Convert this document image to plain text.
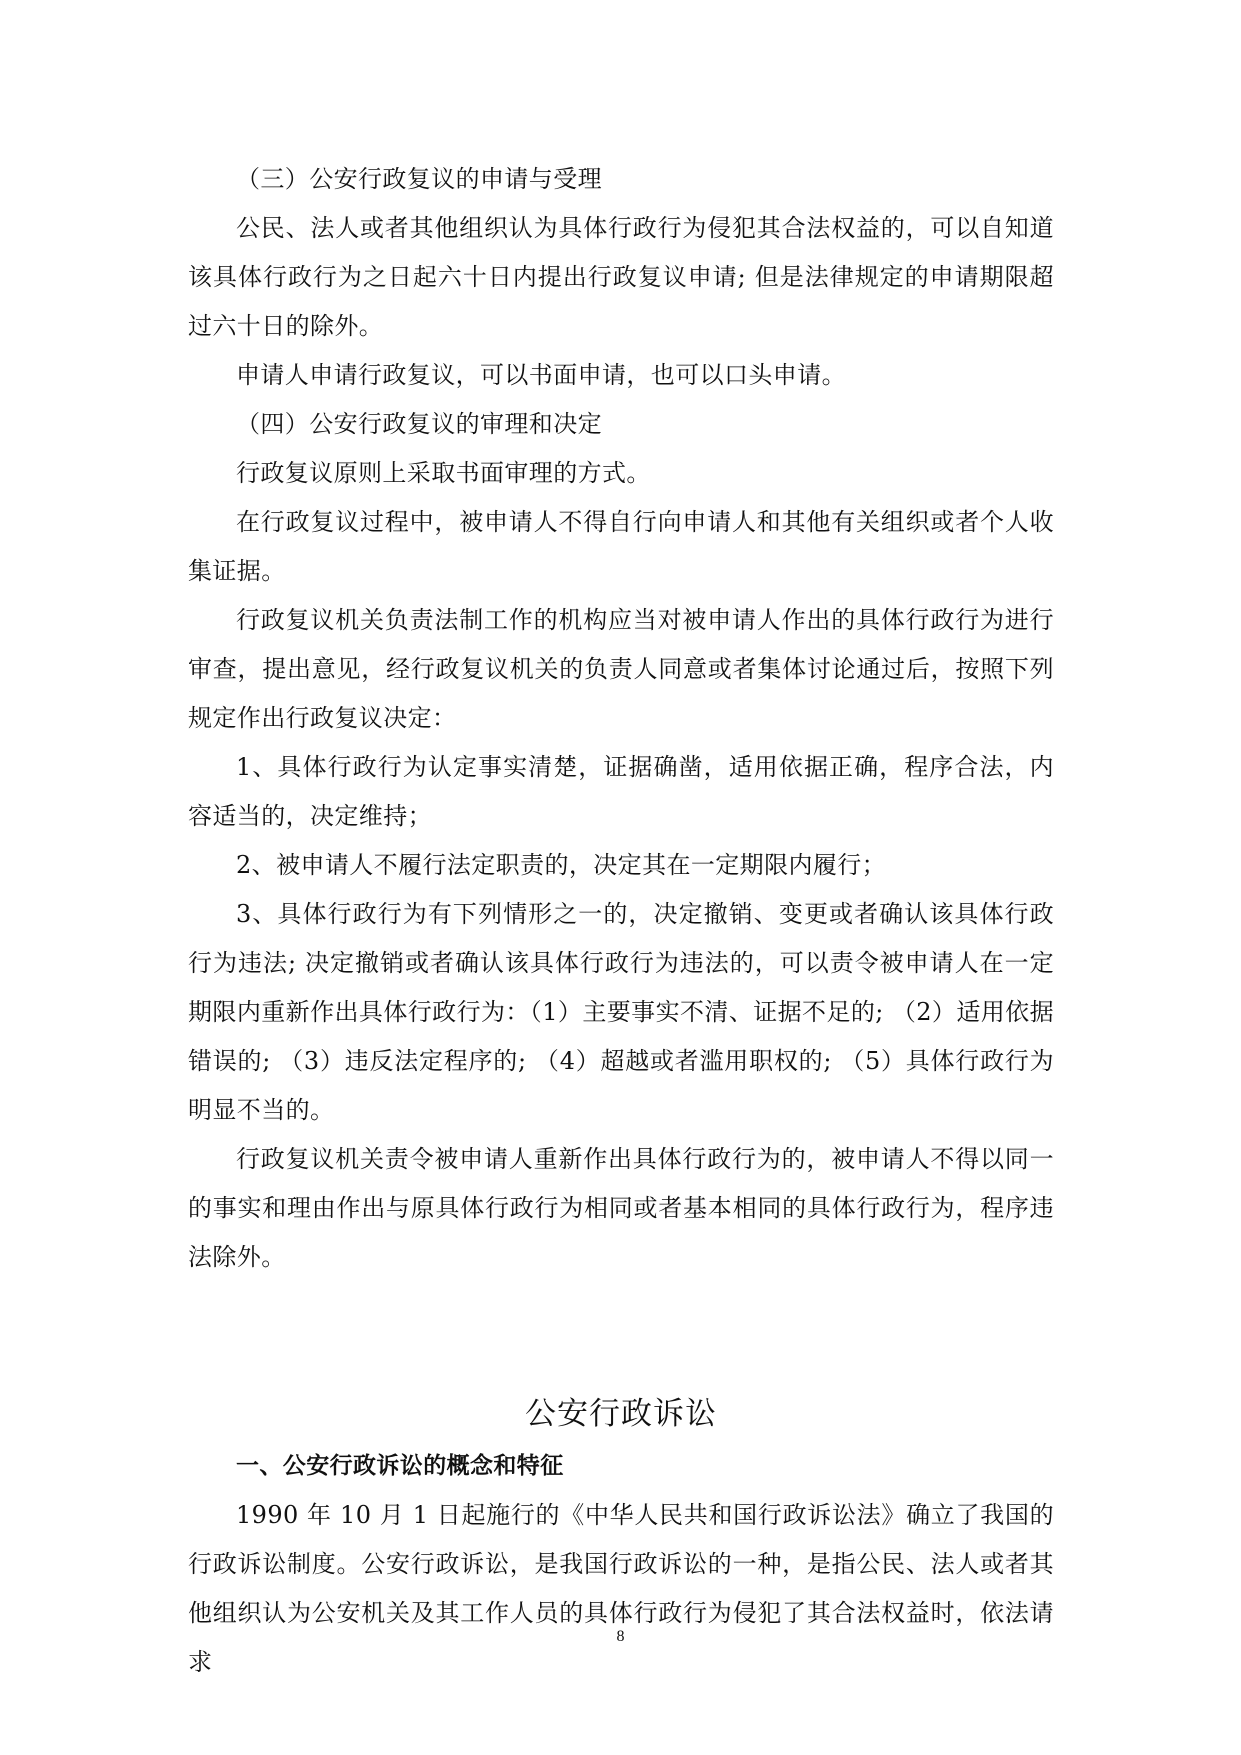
（三）公安行政复议的申请与受理

公民、法人或者其他组织认为具体行政行为侵犯其合法权益的，可以自知道该具体行政行为之日起六十日内提出行政复议申请; 但是法律规定的申请期限超过六十日的除外。

申请人申请行政复议，可以书面申请，也可以口头申请。

（四）公安行政复议的审理和决定

行政复议原则上采取书面审理的方式。

在行政复议过程中，被申请人不得自行向申请人和其他有关组织或者个人收集证据。

行政复议机关负责法制工作的机构应当对被申请人作出的具体行政行为进行审查，提出意见，经行政复议机关的负责人同意或者集体讨论通过后，按照下列规定作出行政复议决定：

1、具体行政行为认定事实清楚，证据确凿，适用依据正确，程序合法，内容适当的，决定维持；

2、被申请人不履行法定职责的，决定其在一定期限内履行；

3、具体行政行为有下列情形之一的，决定撤销、变更或者确认该具体行政行为违法; 决定撤销或者确认该具体行政行为违法的，可以责令被申请人在一定期限内重新作出具体行政行为：（1）主要事实不清、证据不足的; （2）适用依据错误的; （3）违反法定程序的; （4）超越或者滥用职权的; （5）具体行政行为明显不当的。

行政复议机关责令被申请人重新作出具体行政行为的，被申请人不得以同一的事实和理由作出与原具体行政行为相同或者基本相同的具体行政行为，程序违法除外。

公安行政诉讼

一、公安行政诉讼的概念和特征

1990 年 10 月 1 日起施行的《中华人民共和国行政诉讼法》确立了我国的行政诉讼制度。公安行政诉讼，是我国行政诉讼的一种，是指公民、法人或者其他组织认为公安机关及其工作人员的具体行政行为侵犯了其合法权益时，依法请求

8
